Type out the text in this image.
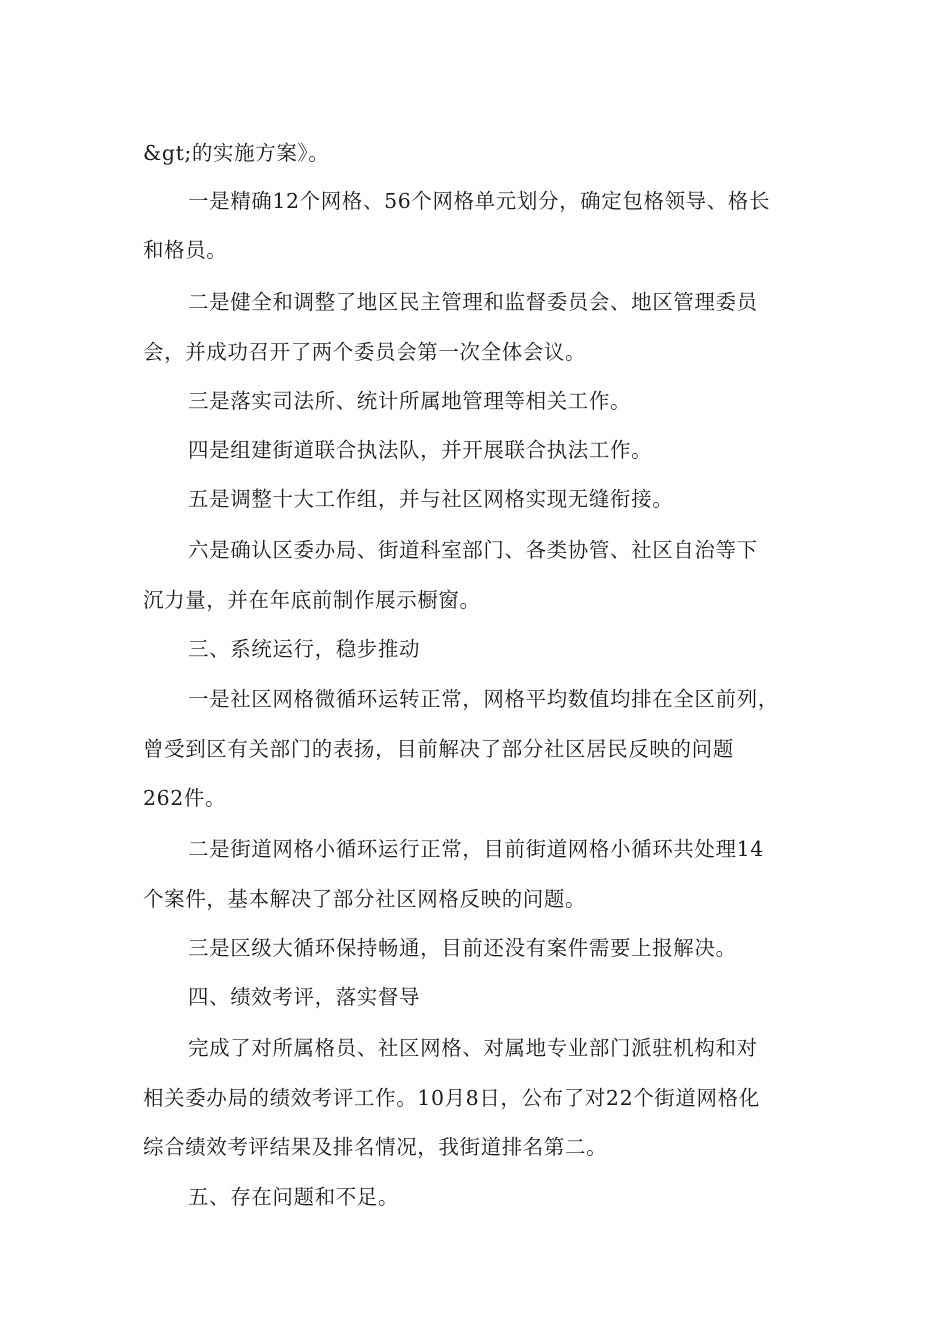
&gt;的实施方案》。
一是精确12个网格、56个网格单元划分，确定包格领导、格长
和格员。
二是健全和调整了地区民主管理和监督委员会、地区管理委员
会，并成功召开了两个委员会第一次全体会议。
三是落实司法所、统计所属地管理等相关工作。
四是组建街道联合执法队，并开展联合执法工作。
五是调整十大工作组，并与社区网格实现无缝衔接。
六是确认区委办局、街道科室部门、各类协管、社区自治等下
沉力量，并在年底前制作展示橱窗。
三、系统运行，稳步推动
一是社区网格微循环运转正常，网格平均数值均排在全区前列，
曾受到区有关部门的表扬，目前解决了部分社区居民反映的问题
262件。
二是街道网格小循环运行正常，目前街道网格小循环共处理14
个案件，基本解决了部分社区网格反映的问题。
三是区级大循环保持畅通，目前还没有案件需要上报解决。
四、绩效考评，落实督导
完成了对所属格员、社区网格、对属地专业部门派驻机构和对
相关委办局的绩效考评工作。10月8日，公布了对22个街道网格化
综合绩效考评结果及排名情况，我街道排名第二。
五、存在问题和不足。
